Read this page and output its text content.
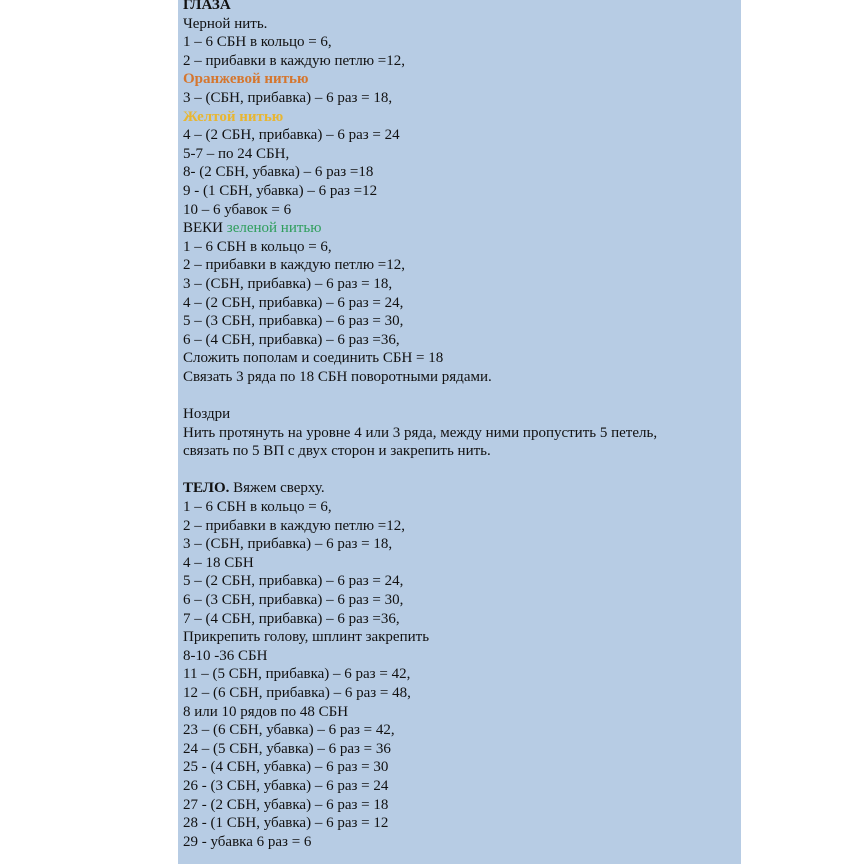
ГЛАЗА
Черной нить.
1 – 6 СБН в кольцо = 6,
2 – прибавки в каждую петлю =12,
Оранжевой нитью
3 – (СБН, прибавка) – 6 раз = 18,
Желтой нитью
4 – (2 СБН, прибавка) – 6 раз = 24
5-7 – по 24 СБН,
8- (2 СБН, убавка) – 6 раз =18
9 - (1 СБН, убавка) – 6 раз =12
10 – 6 убавок = 6
ВЕКИ зеленой нитью
1 – 6 СБН в кольцо = 6,
2 – прибавки в каждую петлю =12,
3 – (СБН, прибавка) – 6 раз = 18,
4 – (2 СБН, прибавка) – 6 раз = 24,
5 – (3 СБН, прибавка) – 6 раз = 30,
6 – (4 СБН, прибавка) – 6 раз =36,
Сложить пополам и соединить СБН = 18
Связать 3 ряда по 18 СБН поворотными рядами.
Ноздри
Нить протянуть на уровне 4 или 3 ряда, между ними пропустить 5 петель,
связать по 5 ВП с двух сторон и закрепить нить.
ТЕЛО. Вяжем сверху.
1 – 6 СБН в кольцо = 6,
2 – прибавки в каждую петлю =12,
3 – (СБН, прибавка) – 6 раз = 18,
4 – 18 СБН
5 – (2 СБН, прибавка) – 6 раз = 24,
6 – (3 СБН, прибавка) – 6 раз = 30,
7 – (4 СБН, прибавка) – 6 раз =36,
Прикрепить голову, шплинт закрепить
8-10 -36 СБН
11 – (5 СБН, прибавка) – 6 раз = 42,
12 – (6 СБН, прибавка) – 6 раз = 48,
8 или 10 рядов по 48 СБН
23 – (6 СБН, убавка) – 6 раз = 42,
24 – (5 СБН, убавка) – 6 раз = 36
25 - (4 СБН, убавка) – 6 раз = 30
26 - (3 СБН, убавка) – 6 раз = 24
27 - (2 СБН, убавка) – 6 раз = 18
28 - (1 СБН, убавка) – 6 раз = 12
29 - убавка 6 раз = 6
